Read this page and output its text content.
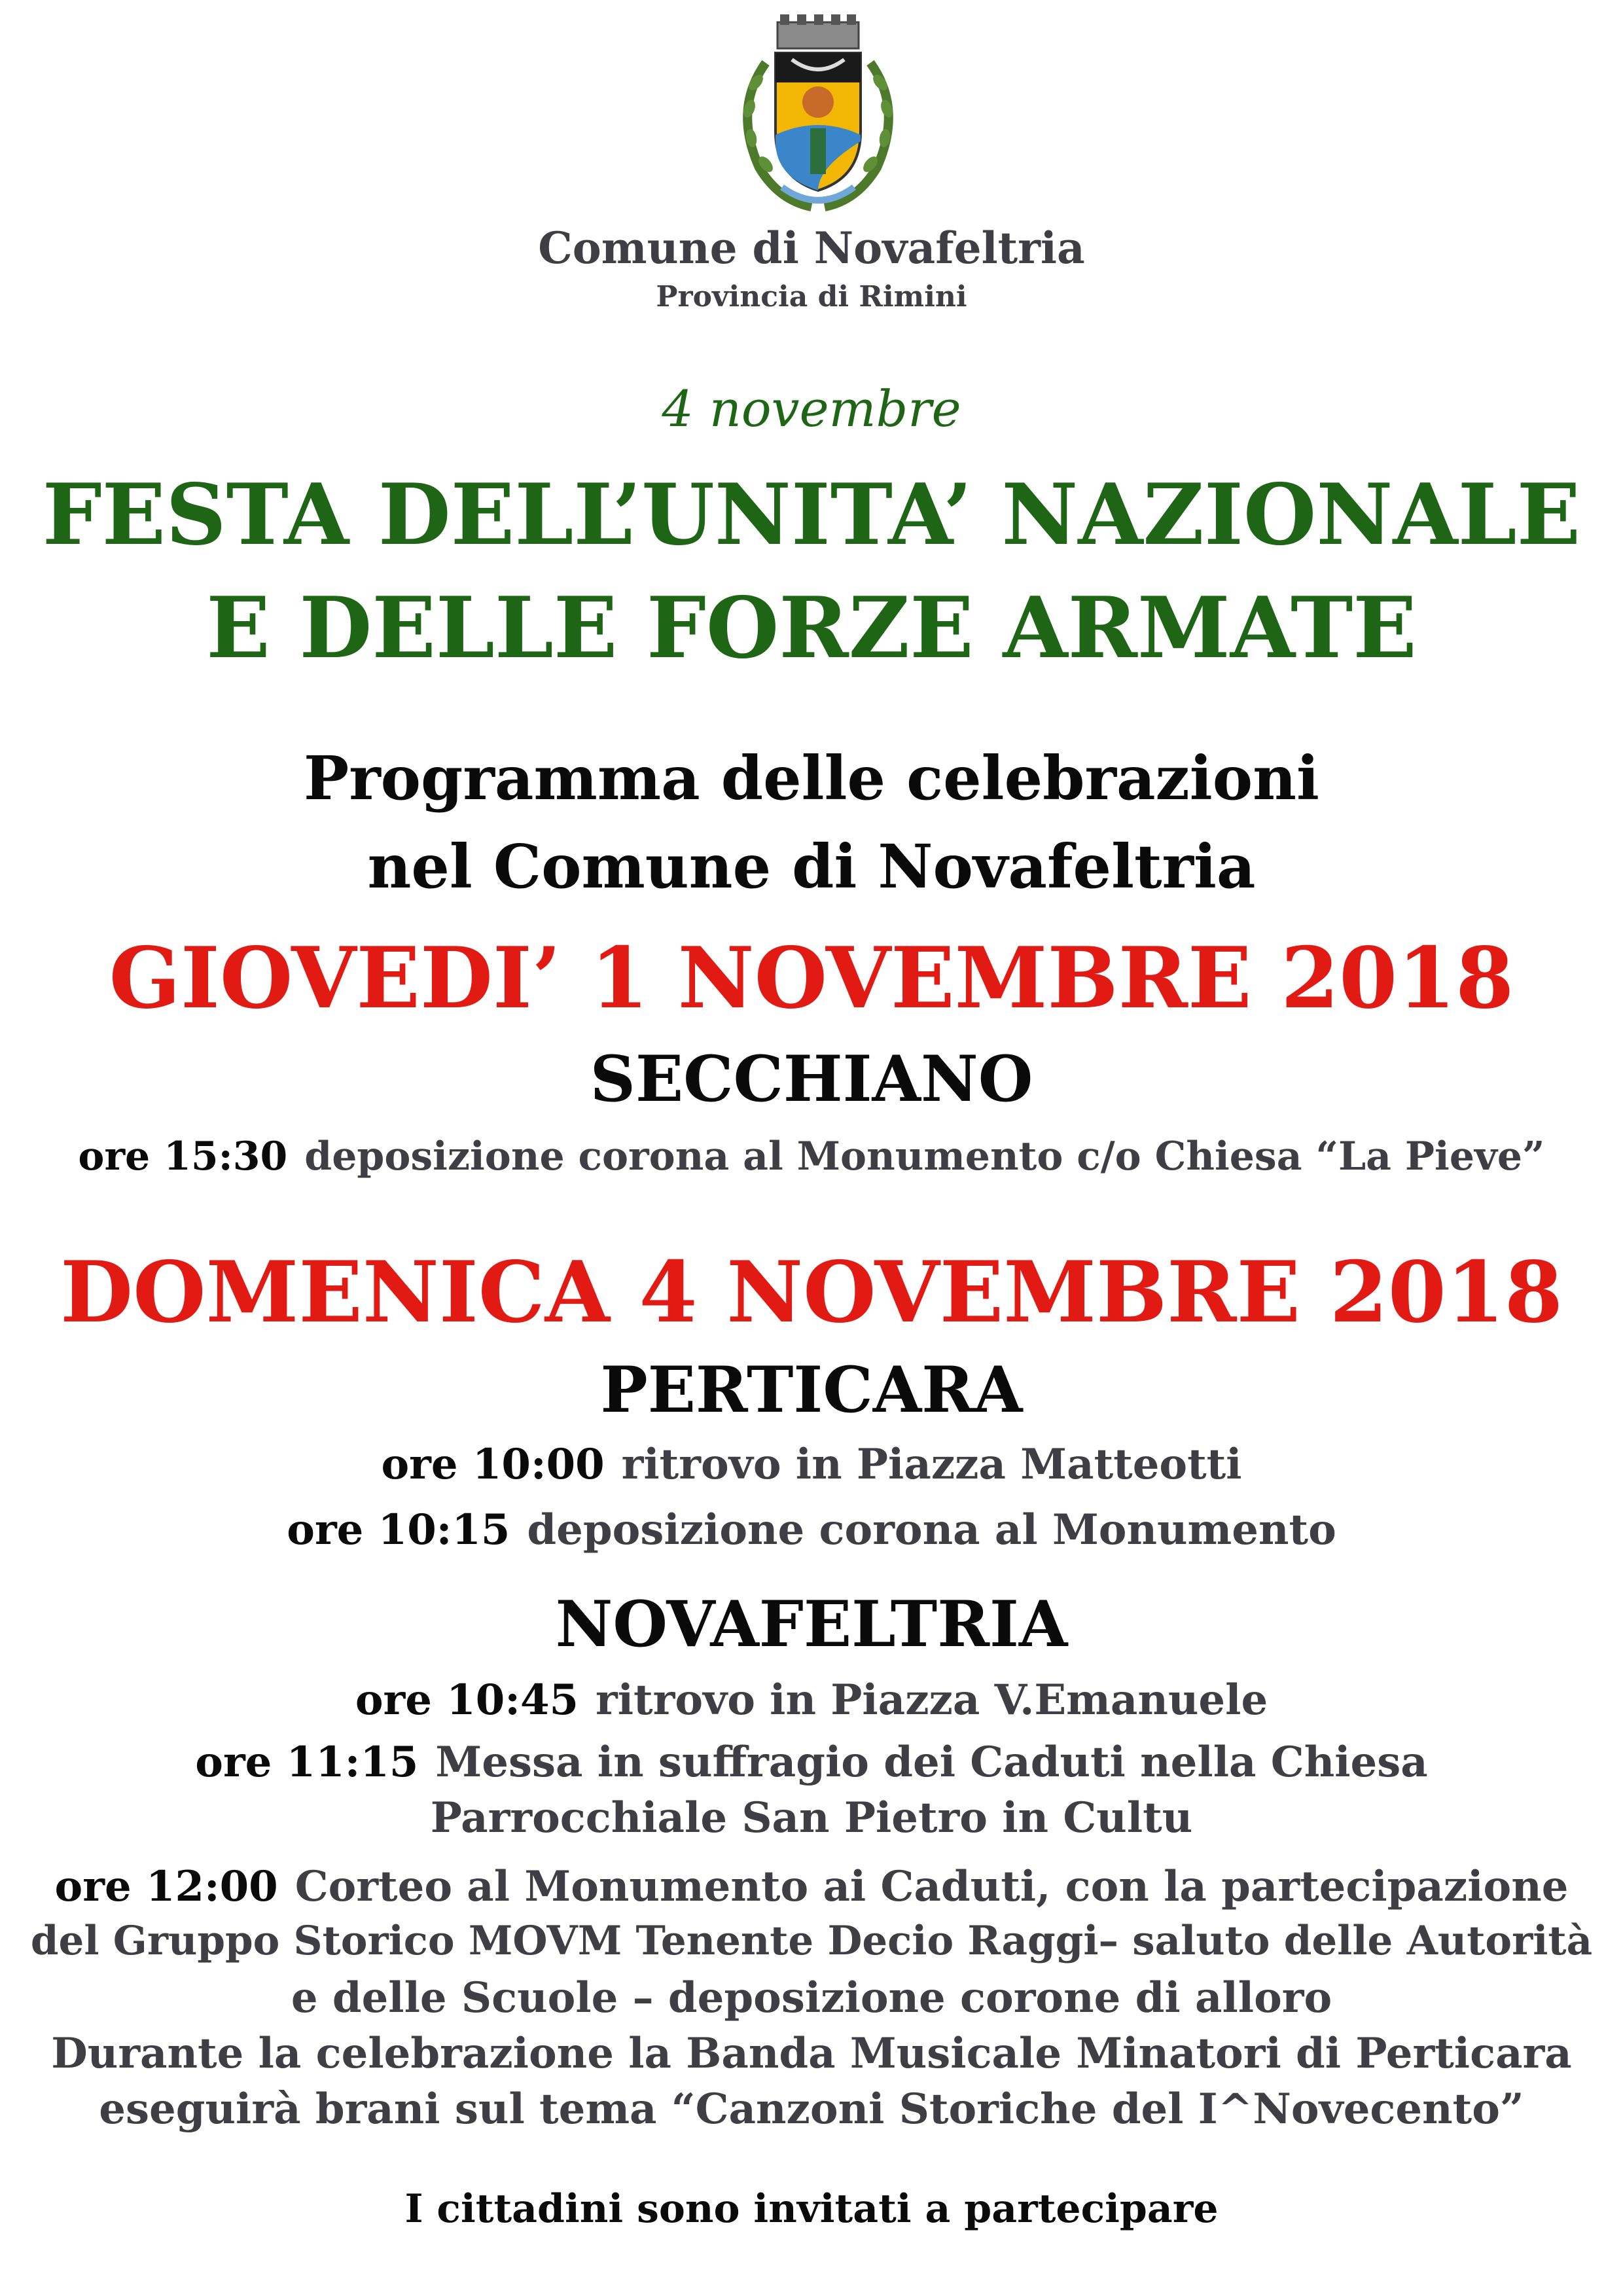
Comune di Novafeltria
Provincia di Rimini
4 novembre
FESTA DELL’UNITA’ NAZIONALE
E DELLE FORZE ARMATE
Programma delle celebrazioni
nel Comune di Novafeltria
GIOVEDI’ 1 NOVEMBRE 2018
SECCHIANO
ore 15:30 deposizione corona al Monumento c/o Chiesa “La Pieve”
DOMENICA 4 NOVEMBRE 2018
PERTICARA
ore 10:00 ritrovo in Piazza Matteotti
ore 10:15 deposizione corona al Monumento
NOVAFELTRIA
ore 10:45 ritrovo in Piazza V.Emanuele
ore 11:15 Messa in suffragio dei Caduti nella Chiesa
Parrocchiale San Pietro in Cultu
ore 12:00 Corteo al Monumento ai Caduti, con la partecipazione
del Gruppo Storico MOVM Tenente Decio Raggi– saluto delle Autorità
e delle Scuole – deposizione corone di alloro
Durante la celebrazione la Banda Musicale Minatori di Perticara
eseguirà brani sul tema “Canzoni Storiche del I^Novecento”
I cittadini sono invitati a partecipare
